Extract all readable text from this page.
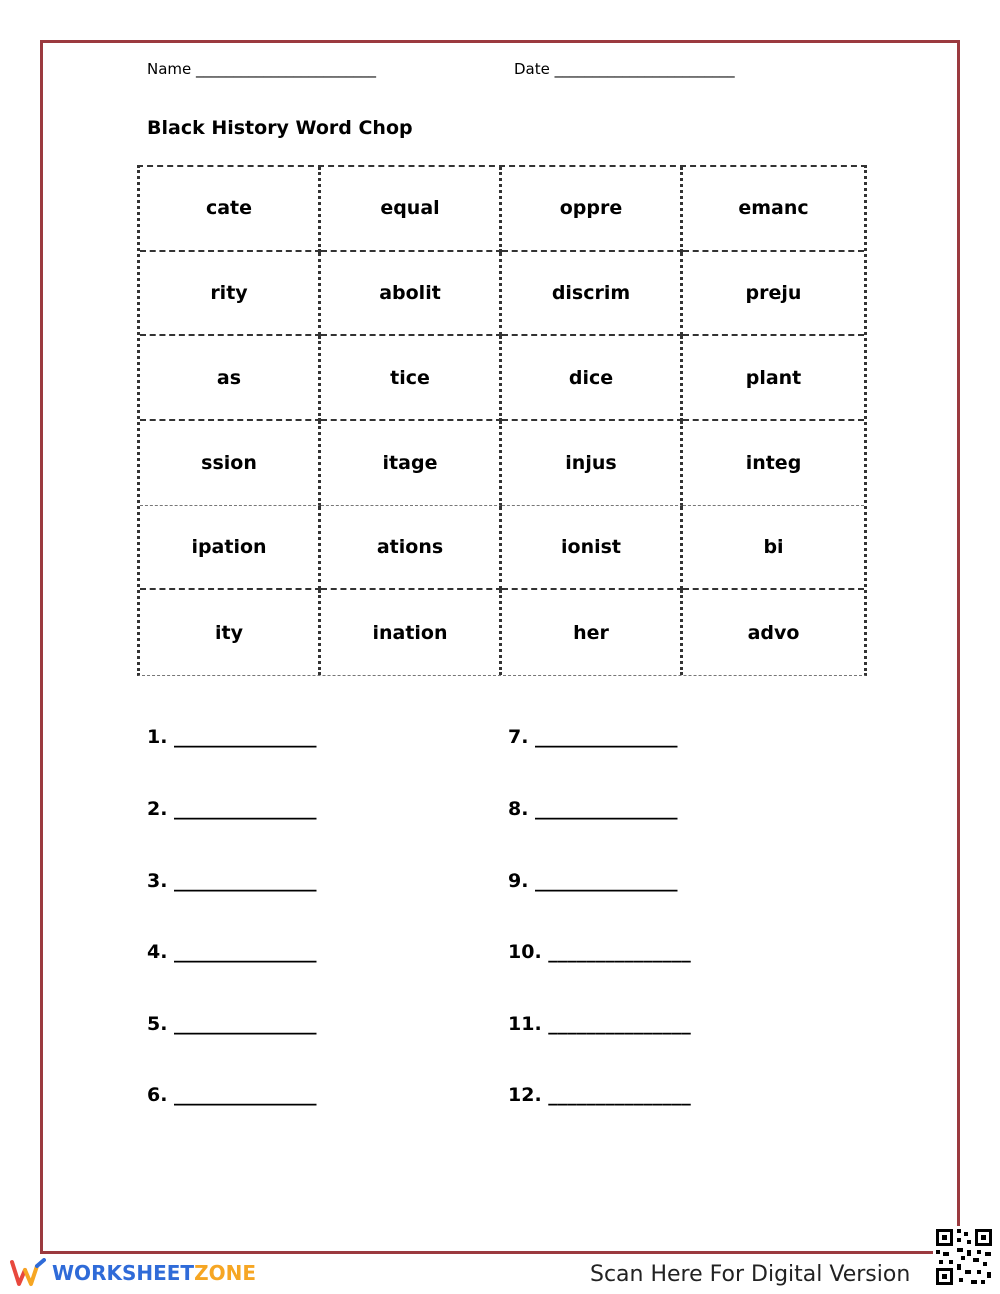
Name ________________________	Date ________________________
Black History Word Chop
cate	equal	oppre	emanc
rity	abolit	discrim	preju
as	tice	dice	plant
ssion	itage	injus	integ
ipation	ations	ionist	bi
ity	ination	her	advo
1. _______________
2. _______________
3. _______________
4. _______________
5. _______________
6. _______________
7. _______________
8. _______________
9. _______________
10. _______________
11. _______________
12. _______________
WORKSHEETZONE	Scan Here For Digital Version
